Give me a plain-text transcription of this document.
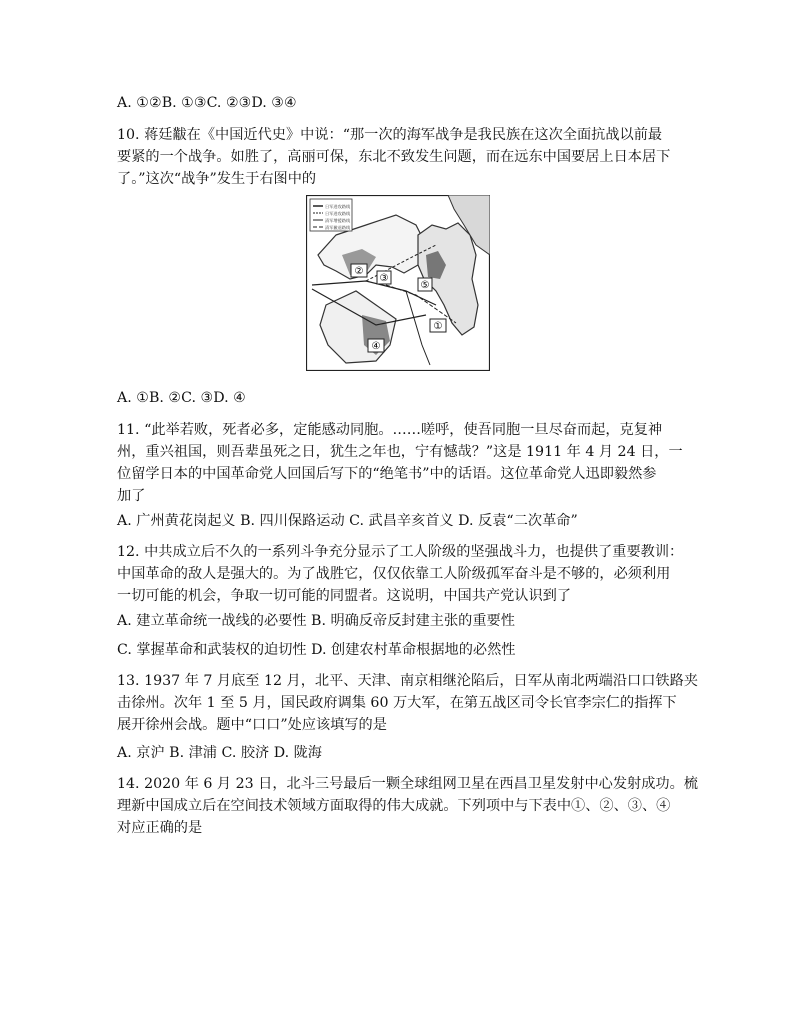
A. ①②B. ①③C. ②③D. ③④
10. 蒋廷黻在《中国近代史》中说：“那一次的海军战争是我民族在这次全面抗战以前最
要紧的一个战争。如胜了，高丽可保，东北不致发生问题，而在远东中国要居上日本居下
了。”这次“战争”发生于右图中的
日军进攻路线
日军进攻路线
清军增援路线
清军撤退路线
②
③
⑤
①
④
A. ①B. ②C. ③D. ④
11. “此举若败，死者必多，定能感动同胞。……嗟呼，使吾同胞一旦尽奋而起，克复神
州，重兴祖国，则吾辈虽死之日，犹生之年也，宁有憾哉？”这是 1911 年 4 月 24 日，一
位留学日本的中国革命党人回国后写下的“绝笔书”中的话语。这位革命党人迅即毅然参
加了
A. 广州黄花岗起义 B. 四川保路运动 C. 武昌辛亥首义 D. 反袁“二次革命”
12. 中共成立后不久的一系列斗争充分显示了工人阶级的坚强战斗力，也提供了重要教训：
中国革命的敌人是强大的。为了战胜它，仅仅依靠工人阶级孤军奋斗是不够的，必须利用
一切可能的机会，争取一切可能的同盟者。这说明，中国共产党认识到了
A. 建立革命统一战线的必要性 B. 明确反帝反封建主张的重要性
C. 掌握革命和武装权的迫切性 D. 创建农村革命根据地的必然性
13. 1937 年 7 月底至 12 月，北平、天津、南京相继沦陷后，日军从南北两端沿口口铁路夹
击徐州。次年 1 至 5 月，国民政府调集 60 万大军，在第五战区司令长官李宗仁的指挥下
展开徐州会战。题中“口口”处应该填写的是
A. 京沪 B. 津浦 C. 胶济 D. 陇海
14. 2020 年 6 月 23 日，北斗三号最后一颗全球组网卫星在西昌卫星发射中心发射成功。梳
理新中国成立后在空间技术领域方面取得的伟大成就。下列项中与下表中①、②、③、④
对应正确的是
